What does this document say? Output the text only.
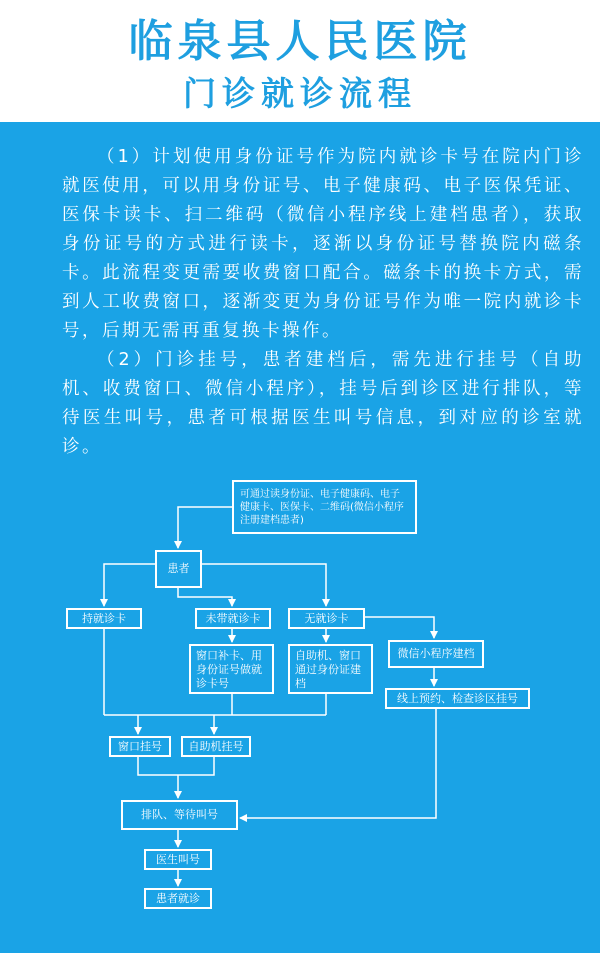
临泉县人民医院
门诊就诊流程

（1）计划使用身份证号作为院内就诊卡号在院内门诊就医使用，可以用身份证号、电子健康码、电子医保凭证、医保卡读卡、扫二维码（微信小程序线上建档患者），获取身份证号的方式进行读卡，逐渐以身份证号替换院内磁条卡。此流程变更需要收费窗口配合。磁条卡的换卡方式，需到人工收费窗口，逐渐变更为身份证号作为唯一院内就诊卡号，后期无需再重复换卡操作。

（2）门诊挂号，患者建档后，需先进行挂号（自助机、收费窗口、微信小程序），挂号后到诊区进行排队，等待医生叫号，患者可根据医生叫号信息，到对应的诊室就诊。

可通过读身份证、电子健康码、电子健康卡、医保卡、二维码(微信小程序注册建档患者)
患者
持就诊卡	未带就诊卡	无就诊卡
窗口补卡、用身份证号做就诊卡号
自助机、窗口通过身份证建档
微信小程序建档
线上预约、检查诊区挂号
窗口挂号	自助机挂号
排队、等待叫号
医生叫号
患者就诊
